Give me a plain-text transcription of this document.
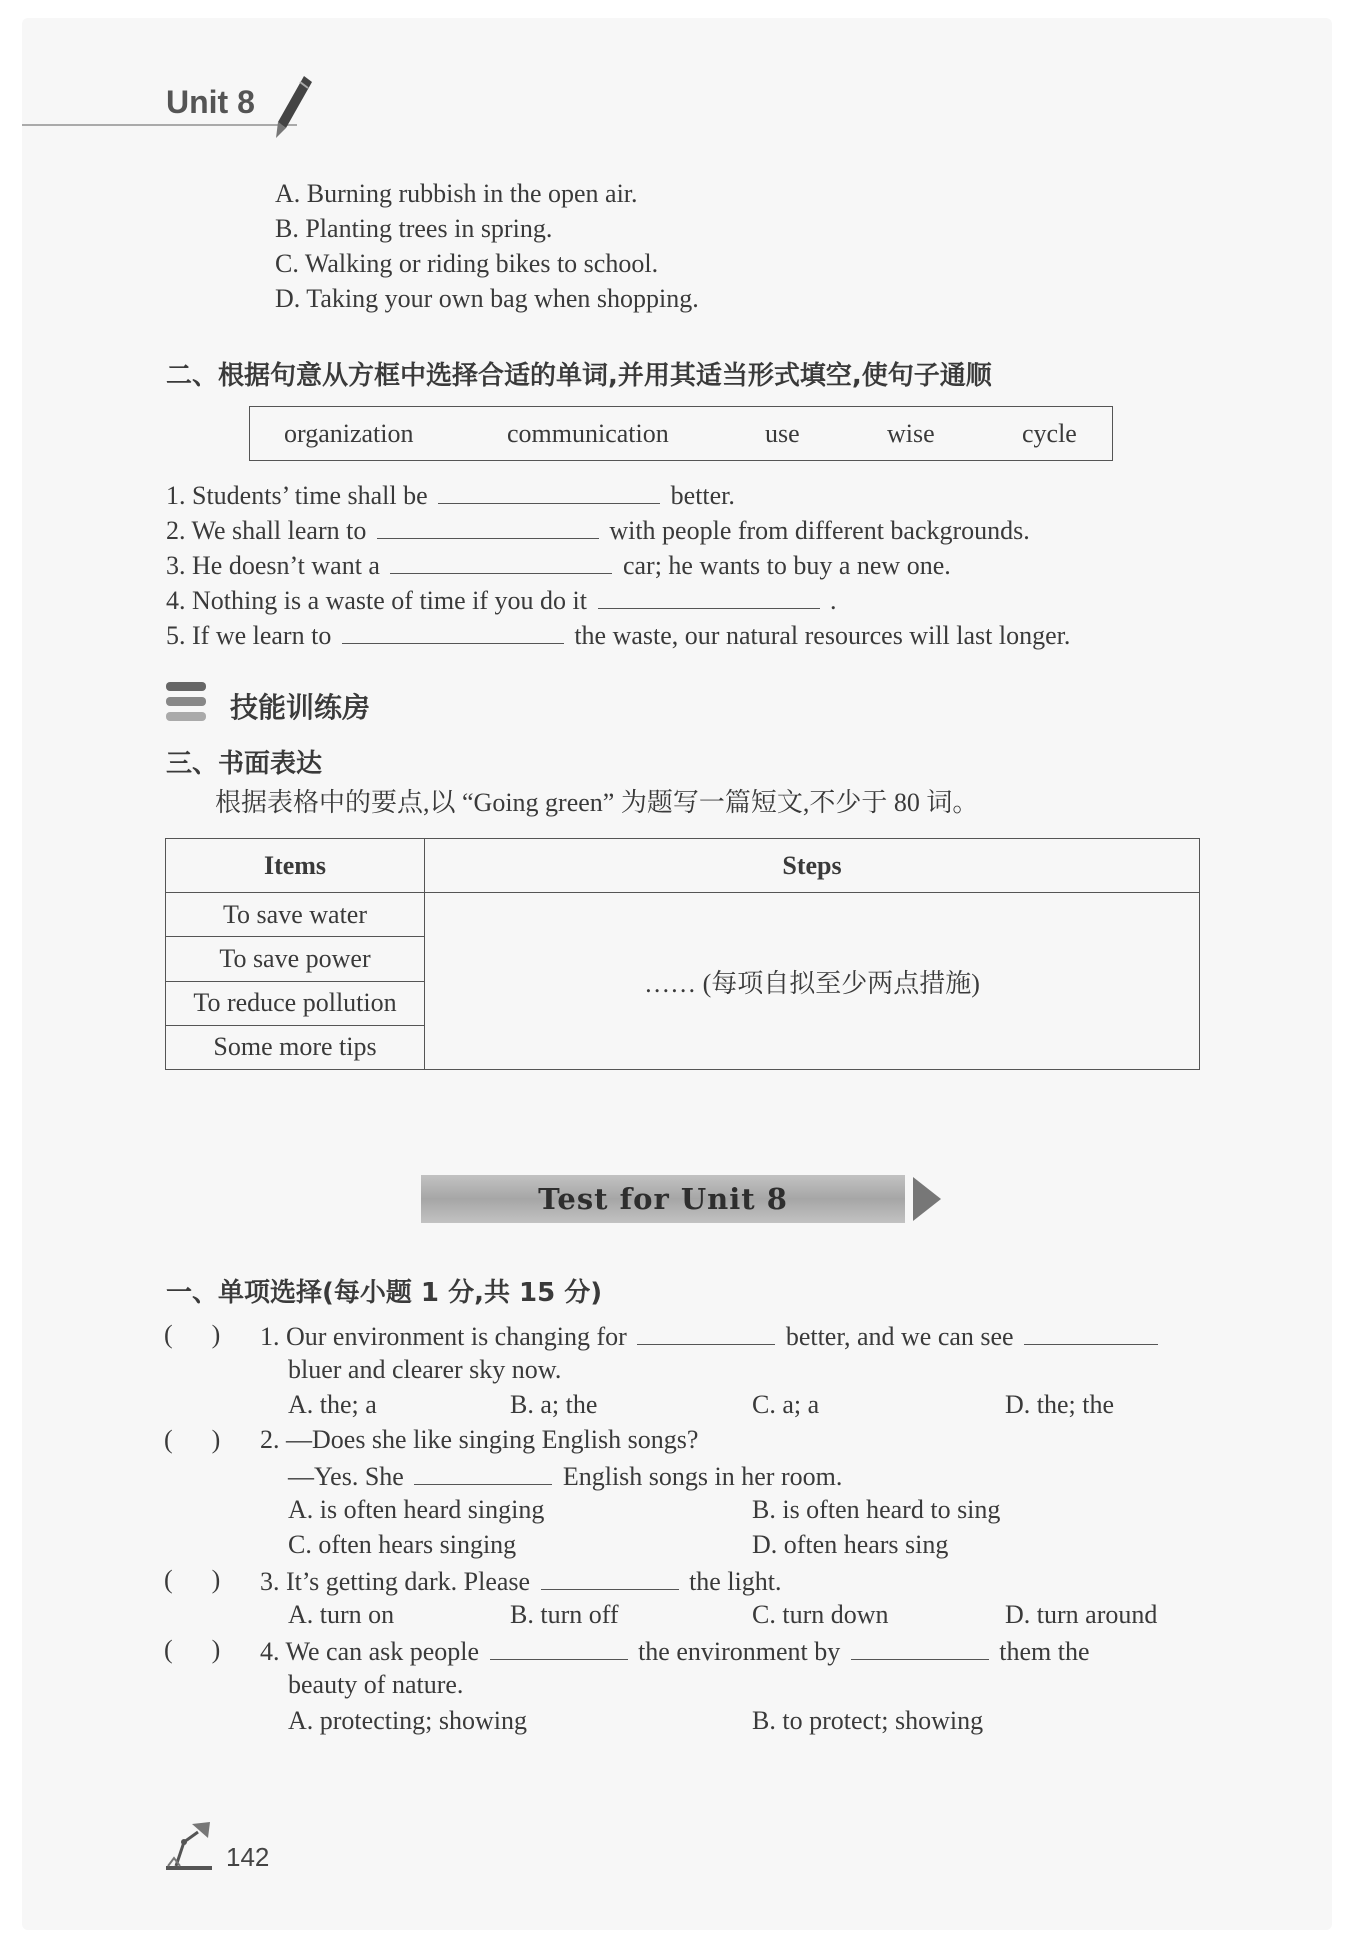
Unit 8
A. Burning rubbish in the open air.
B. Planting trees in spring.
C. Walking or riding bikes to school.
D. Taking your own bag when shopping.
二、根据句意从方框中选择合适的单词,并用其适当形式填空,使句子通顺
organization	communication	use	wise	cycle
1. Students’ time shall be	better.
2. We shall learn to	with people from different backgrounds.
3. He doesn’t want a	car; he wants to buy a new one.
4. Nothing is a waste of time if you do it	.
5. If we learn to	the waste, our natural resources will last longer.
技能训练房
三、书面表达
根据表格中的要点,以 “Going green” 为题写一篇短文,不少于 80 词。
Items	Steps
To save water	…… (每项自拟至少两点措施)
To save power	
To reduce pollution	
Some more tips	
Test for Unit 8
一、单项选择(每小题 1 分,共 15 分)
(      ) 1. Our environment is changing for	better, and we can see
bluer and clearer sky now.
A. the; a	B. a; the	C. a; a	D. the; the
(      ) 2. —Does she like singing English songs?
—Yes. She	English songs in her room.
A. is often heard singing	B. is often heard to sing
C. often hears singing	D. often hears sing
(      ) 3. It’s getting dark. Please	the light.
A. turn on	B. turn off	C. turn down	D. turn around
(      ) 4. We can ask people	the environment by	them the
beauty of nature.
A. protecting; showing	B. to protect; showing
142
